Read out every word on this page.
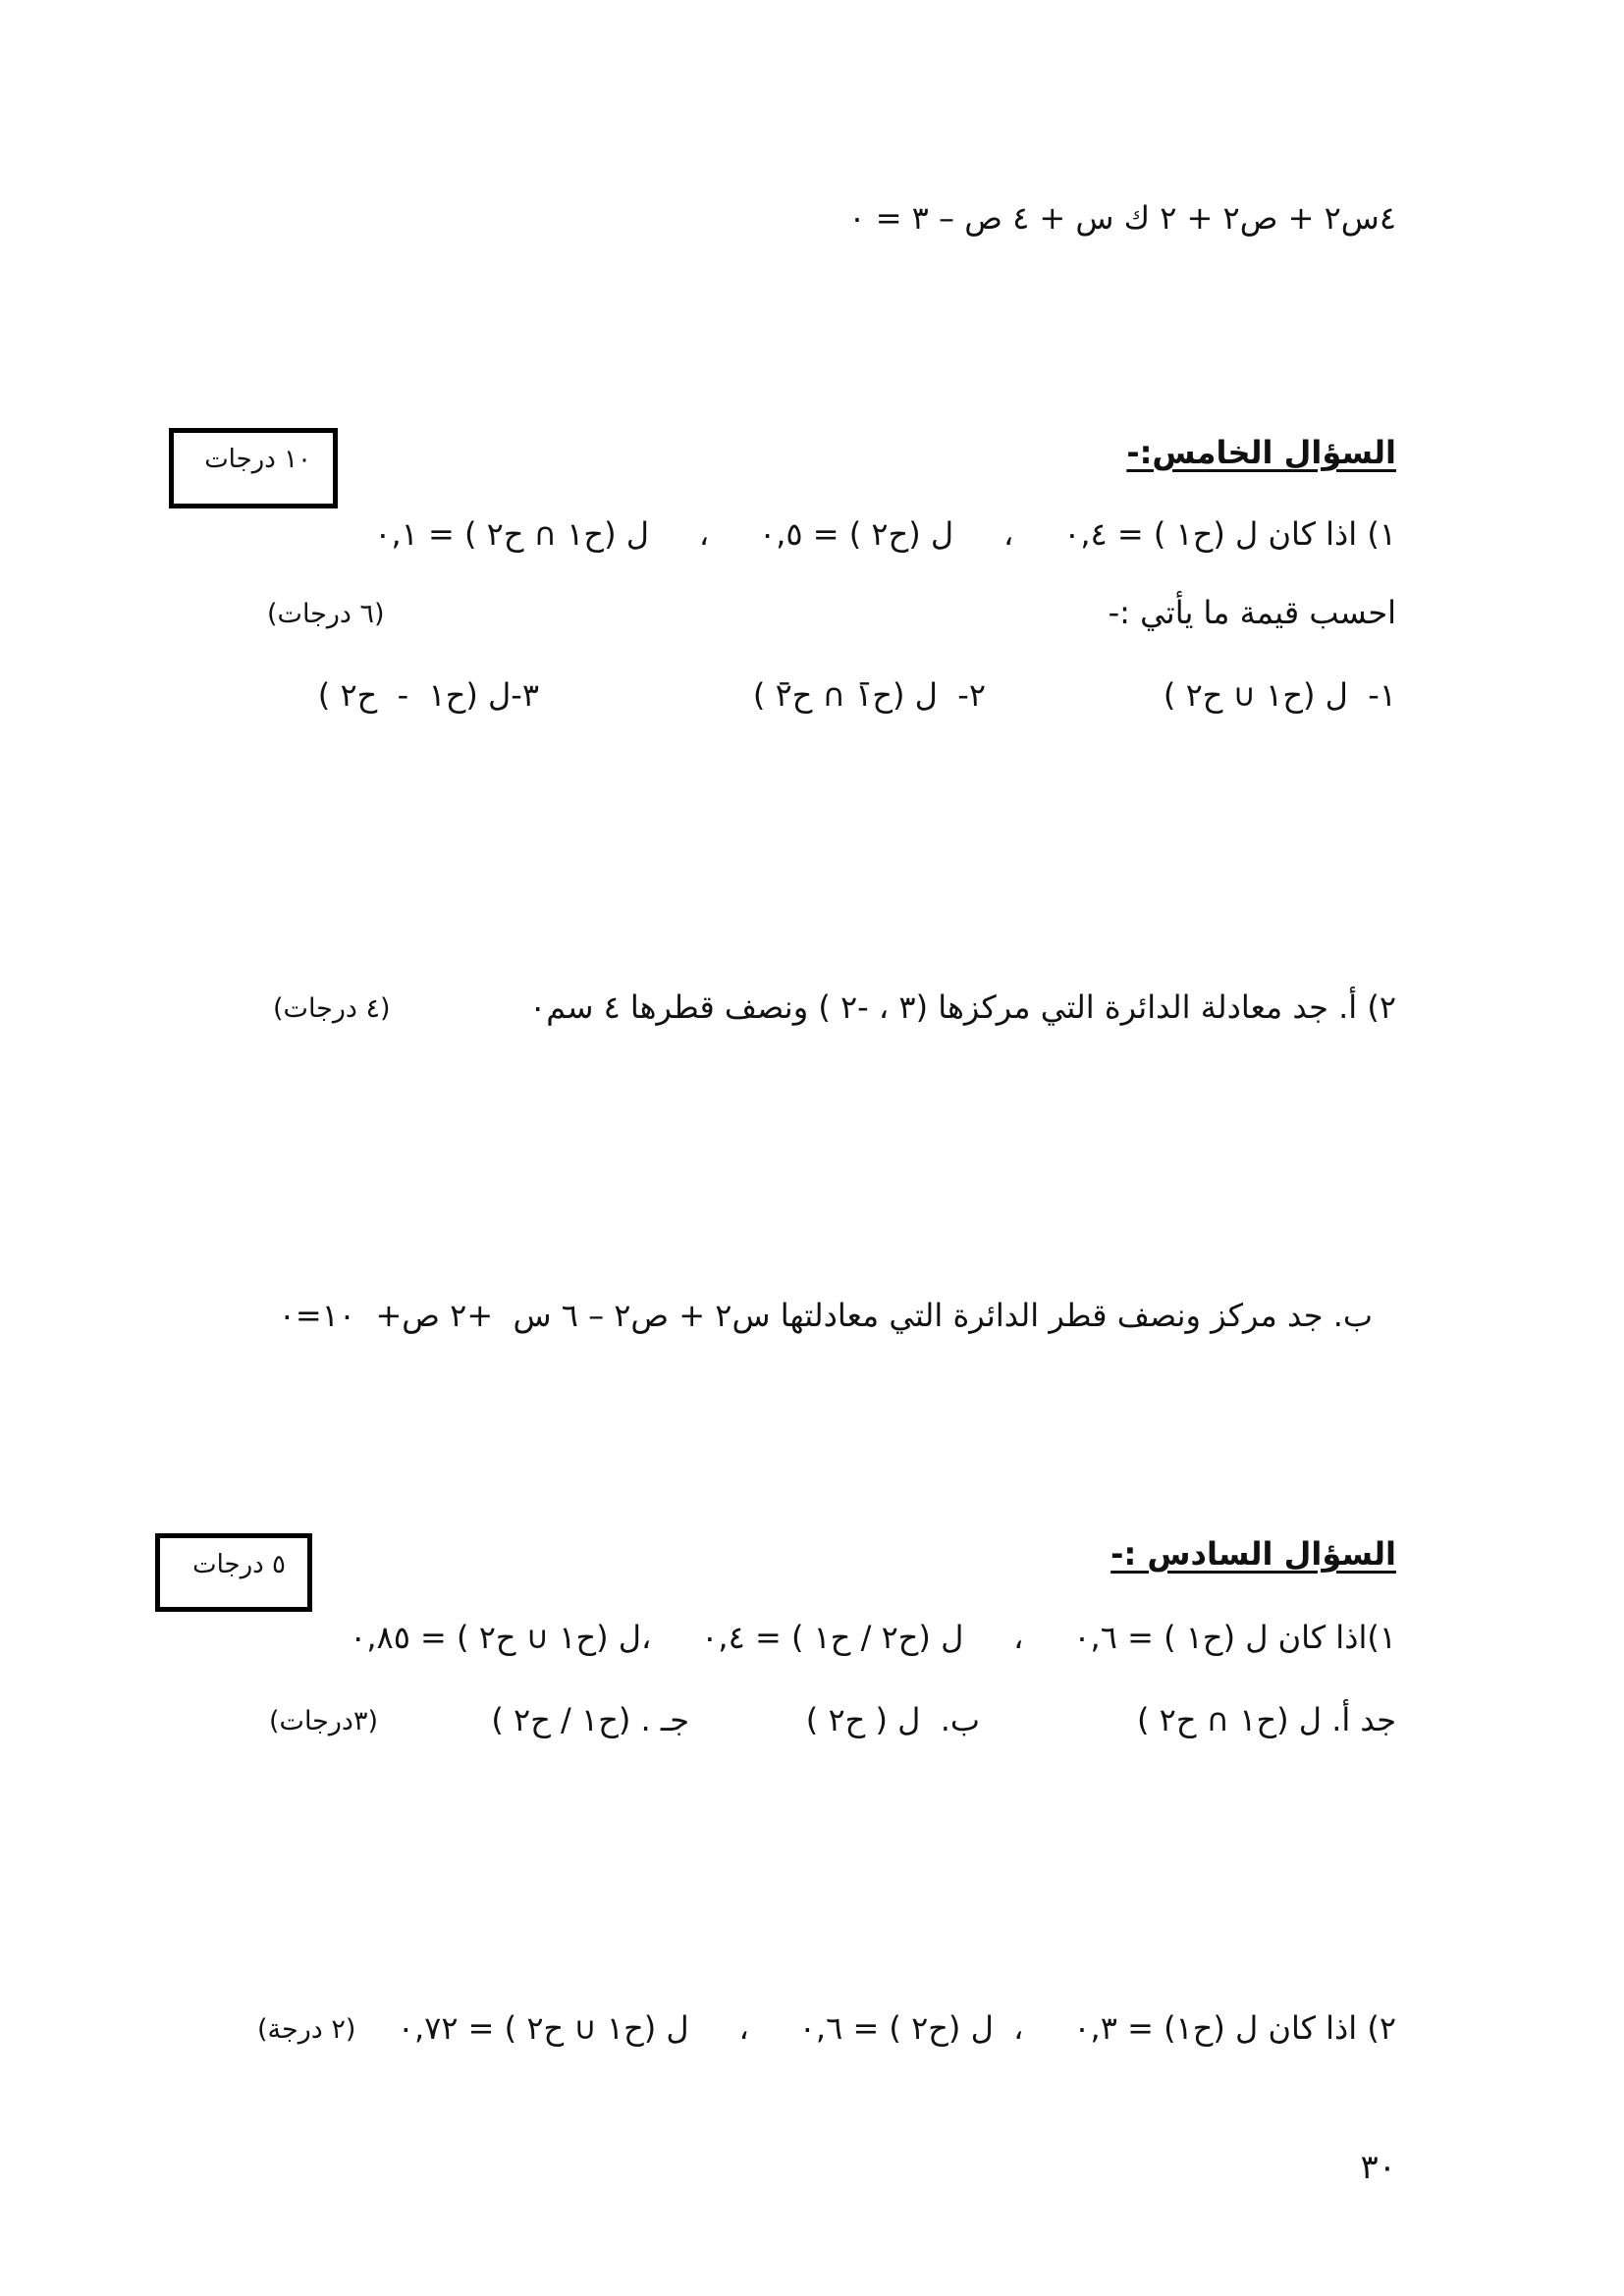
٤س٢ + ص٢ + ٢ ك س + ٤ ص – ٣ = ٠
السؤال الخامس:-
١٠ درجات
١) اذا كان ل (ح١ ) = ٠,٤     ،     ل (ح٢ ) = ٠,٥     ،     ل (ح١ ∩ ح٢ ) = ٠,١
احسب قيمة ما يأتي :-
(٦ درجات)
١-  ل (ح١ ∪ ح٢ )
٢-  ل (ح̄١ ∩ ح̄٢ )
٣-ل (ح١  -  ح٢ )
٢) أ. جد معادلة الدائرة التي مركزها (٣ ، -٢ ) ونصف قطرها ٤ سم٠
(٤ درجات)
ب. جد مركز ونصف قطر الدائرة التي معادلتها س٢ + ص٢ – ٦ س  +٢ ص+  ١٠=٠
السؤال السادس :-
٥ درجات
١)اذا كان ل (ح١ ) = ٠,٦     ،     ل (ح٢ / ح١ ) = ٠,٤     ،ل (ح١ ∪ ح٢ ) = ٠,٨٥
جد أ. ل (ح١ ∩ ح٢ )
ب.  ل ( ح٢ )
جـ . (ح١ / ح٢ )
(٣درجات)
٢) اذا كان ل (ح١) = ٠,٣     ،  ل (ح٢ ) = ٠,٦     ،     ل (ح١ ∪ ح٢ ) = ٠,٧٢
(٢ درجة)
٣٠
